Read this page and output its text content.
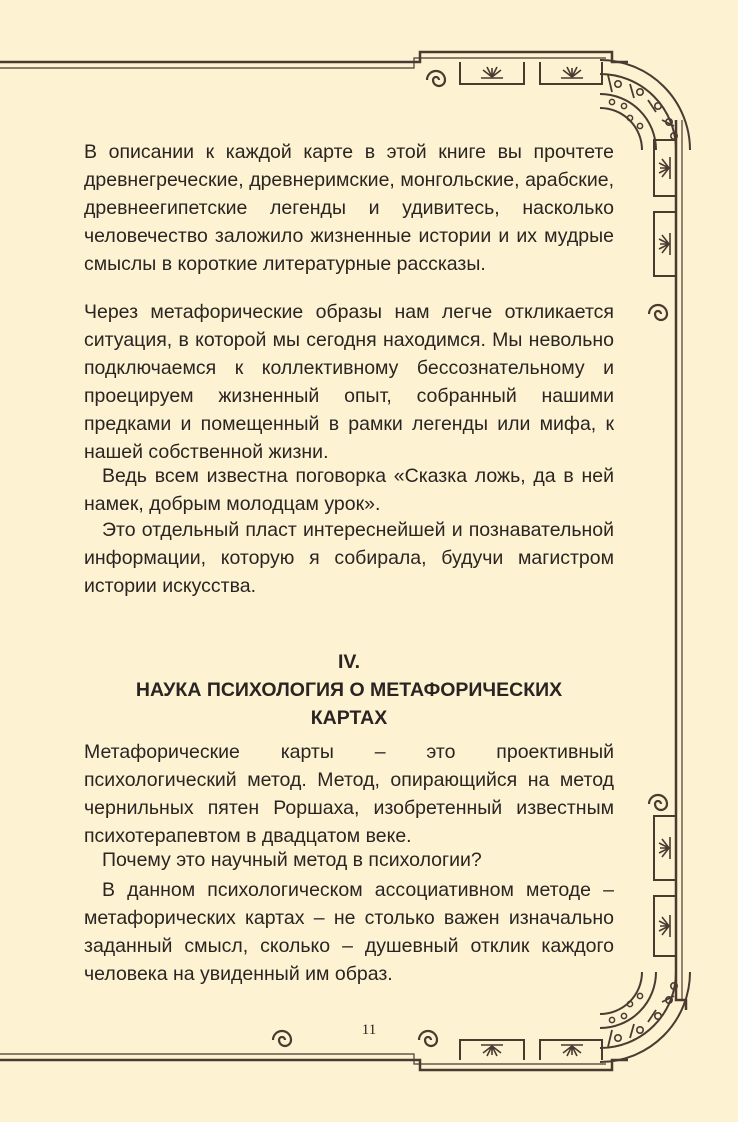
В описании к каждой карте в этой книге вы прочтете древнегреческие, древнеримские, монгольские, арабские, древнеегипетские легенды и удивитесь, насколько человечество заложило жизненные истории и их мудрые смыслы в короткие литературные рассказы.

Через метафорические образы нам легче откликается ситуация, в которой мы сегодня находимся. Мы невольно подключаемся к коллективному бессознательному и проецируем жизненный опыт, собранный нашими предками и помещенный в рамки легенды или мифа, к нашей собственной жизни.

Ведь всем известна поговорка «Сказка ложь, да в ней намек, добрым молодцам урок».

Это отдельный пласт интереснейшей и познавательной информации, которую я собирала, будучи магистром истории искусства.

IV.

НАУКА ПСИХОЛОГИЯ О МЕТАФОРИЧЕСКИХ КАРТАХ

Метафорические карты – это проективный психологический метод. Метод, опирающийся на метод чернильных пятен Роршаха, изобретенный известным психотерапевтом в двадцатом веке.

Почему это научный метод в психологии?

В данном психологическом ассоциативном методе – метафорических картах – не столько важен изначально заданный смысл, сколько – душевный отклик каждого человека на увиденный им образ.

11
